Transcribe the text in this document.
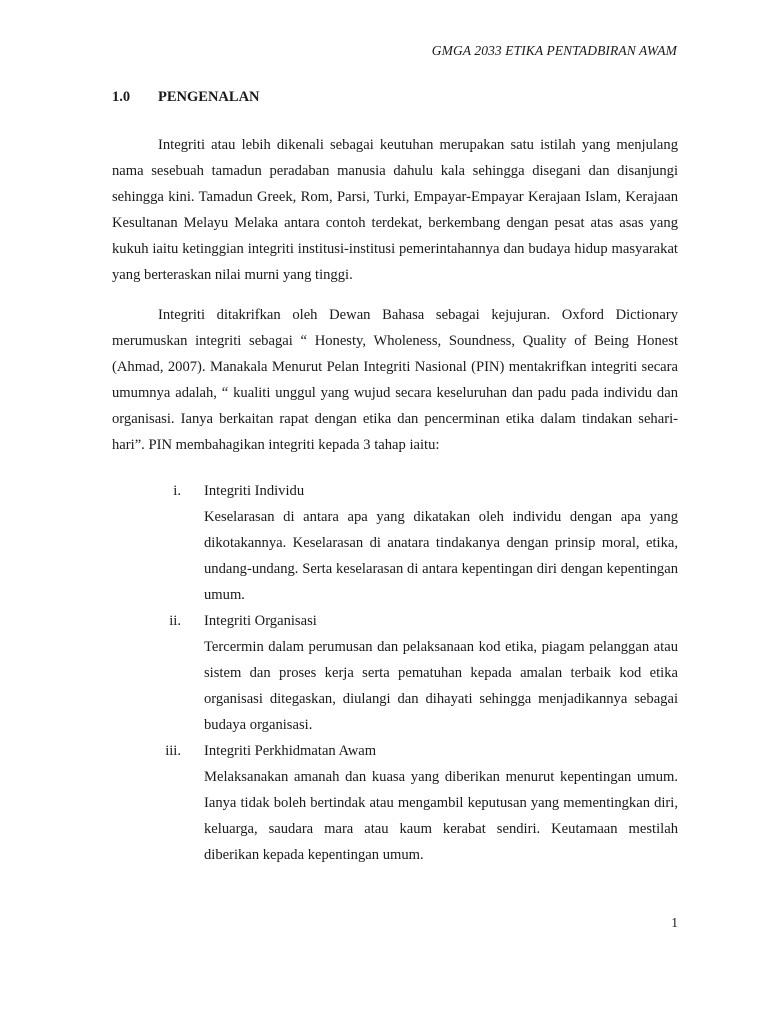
GMGA 2033 ETIKA PENTADBIRAN AWAM
1.0 PENGENALAN

Integriti atau lebih dikenali sebagai keutuhan merupakan satu istilah yang menjulang nama sesebuah tamadun peradaban manusia dahulu kala sehingga disegani dan disanjungi sehingga kini. Tamadun Greek, Rom, Parsi, Turki, Empayar-Empayar Kerajaan Islam, Kerajaan Kesultanan Melayu Melaka antara contoh terdekat, berkembang dengan pesat atas asas yang kukuh iaitu ketinggian integriti institusi-institusi pemerintahannya dan budaya hidup masyarakat yang berteraskan nilai murni yang tinggi.

Integriti ditakrifkan oleh Dewan Bahasa sebagai kejujuran. Oxford Dictionary merumuskan integriti sebagai “ Honesty, Wholeness, Soundness, Quality of Being Honest (Ahmad, 2007). Manakala Menurut Pelan Integriti Nasional (PIN) mentakrifkan integriti secara umumnya adalah, “ kualiti unggul yang wujud secara keseluruhan dan padu pada individu dan organisasi. Ianya berkaitan rapat dengan etika dan pencerminan etika dalam tindakan sehari-hari”. PIN membahagikan integriti kepada 3 tahap iaitu:

i. Integriti Individu

Keselarasan di antara apa yang dikatakan oleh individu dengan apa yang dikotakannya. Keselarasan di anatara tindakanya dengan prinsip moral, etika, undang-undang. Serta keselarasan di antara kepentingan diri dengan kepentingan umum.

ii. Integriti Organisasi

Tercermin dalam perumusan dan pelaksanaan kod etika, piagam pelanggan atau sistem dan proses kerja serta pematuhan kepada amalan terbaik kod etika organisasi ditegaskan, diulangi dan dihayati sehingga menjadikannya sebagai budaya organisasi.

iii. Integriti Perkhidmatan Awam

Melaksanakan amanah dan kuasa yang diberikan menurut kepentingan umum. Ianya tidak boleh bertindak atau mengambil keputusan yang mementingkan diri, keluarga, saudara mara atau kaum kerabat sendiri. Keutamaan mestilah diberikan kepada kepentingan umum.

1
